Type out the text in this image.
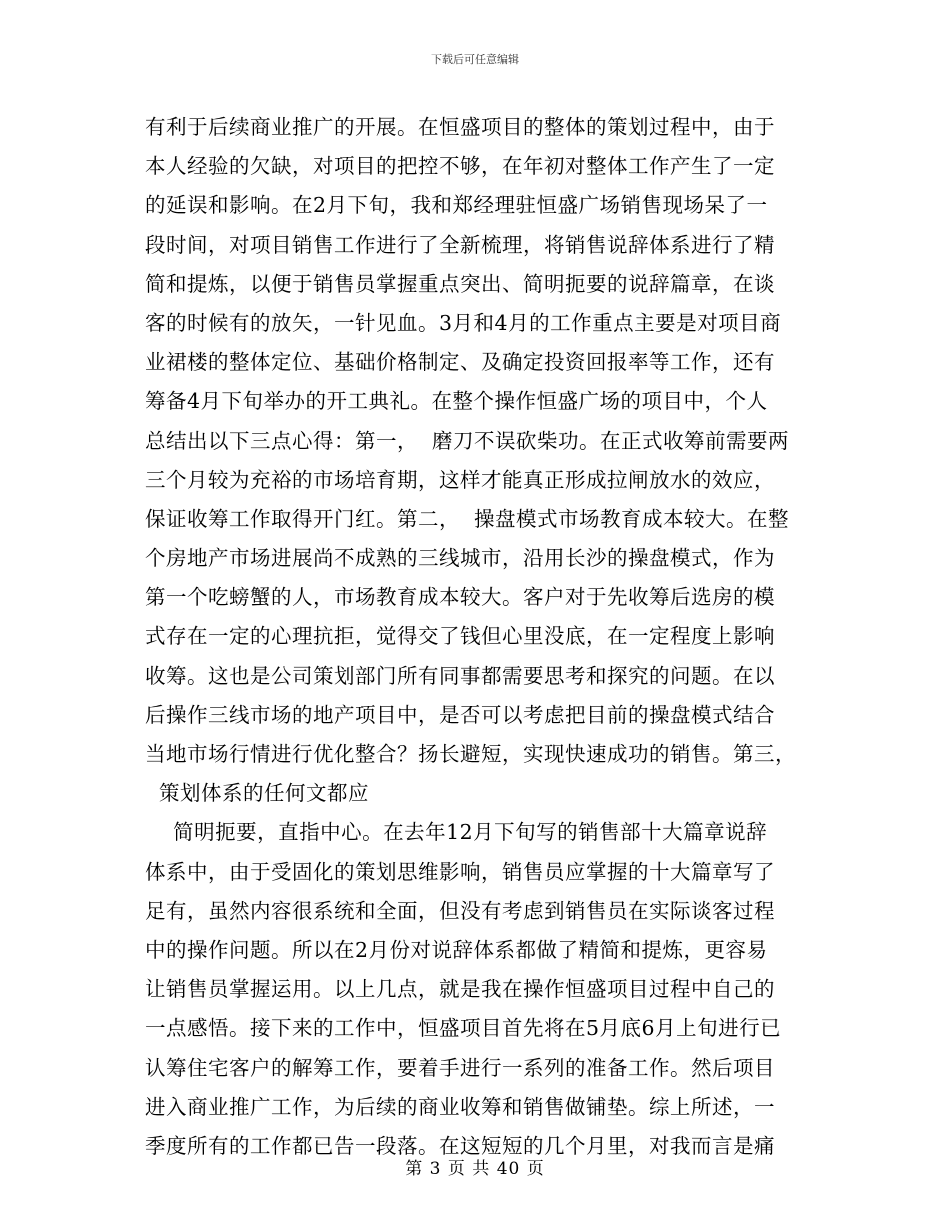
下载后可任意编辑
有利于后续商业推广的开展。在恒盛项目的整体的策划过程中，由于
本人经验的欠缺，对项目的把控不够，在年初对整体工作产生了一定
的延误和影响。在2月下旬，我和郑经理驻恒盛广场销售现场呆了一
段时间，对项目销售工作进行了全新梳理，将销售说辞体系进行了精
简和提炼，以便于销售员掌握重点突出、简明扼要的说辞篇章，在谈
客的时候有的放矢，一针见血。3月和4月的工作重点主要是对项目商
业裙楼的整体定位、基础价格制定、及确定投资回报率等工作，还有
筹备4月下旬举办的开工典礼。在整个操作恒盛广场的项目中，个人
总结出以下三点心得：第一，  磨刀不误砍柴功。在正式收筹前需要两
三个月较为充裕的市场培育期，这样才能真正形成拉闸放水的效应，
保证收筹工作取得开门红。第二，  操盘模式市场教育成本较大。在整
个房地产市场进展尚不成熟的三线城市，沿用长沙的操盘模式，作为
第一个吃螃蟹的人，市场教育成本较大。客户对于先收筹后选房的模
式存在一定的心理抗拒，觉得交了钱但心里没底，在一定程度上影响
收筹。这也是公司策划部门所有同事都需要思考和探究的问题。在以
后操作三线市场的地产项目中，是否可以考虑把目前的操盘模式结合
当地市场行情进行优化整合？扬长避短，实现快速成功的销售。第三，
策划体系的任何文都应
简明扼要，直指中心。在去年12月下旬写的销售部十大篇章说辞
体系中，由于受固化的策划思维影响，销售员应掌握的十大篇章写了
足有，虽然内容很系统和全面，但没有考虑到销售员在实际谈客过程
中的操作问题。所以在2月份对说辞体系都做了精简和提炼，更容易
让销售员掌握运用。以上几点，就是我在操作恒盛项目过程中自己的
一点感悟。接下来的工作中，恒盛项目首先将在5月底6月上旬进行已
认筹住宅客户的解筹工作，要着手进行一系列的准备工作。然后项目
进入商业推广工作，为后续的商业收筹和销售做铺垫。综上所述，一
季度所有的工作都已告一段落。在这短短的几个月里，对我而言是痛
第 3 页 共 40 页
